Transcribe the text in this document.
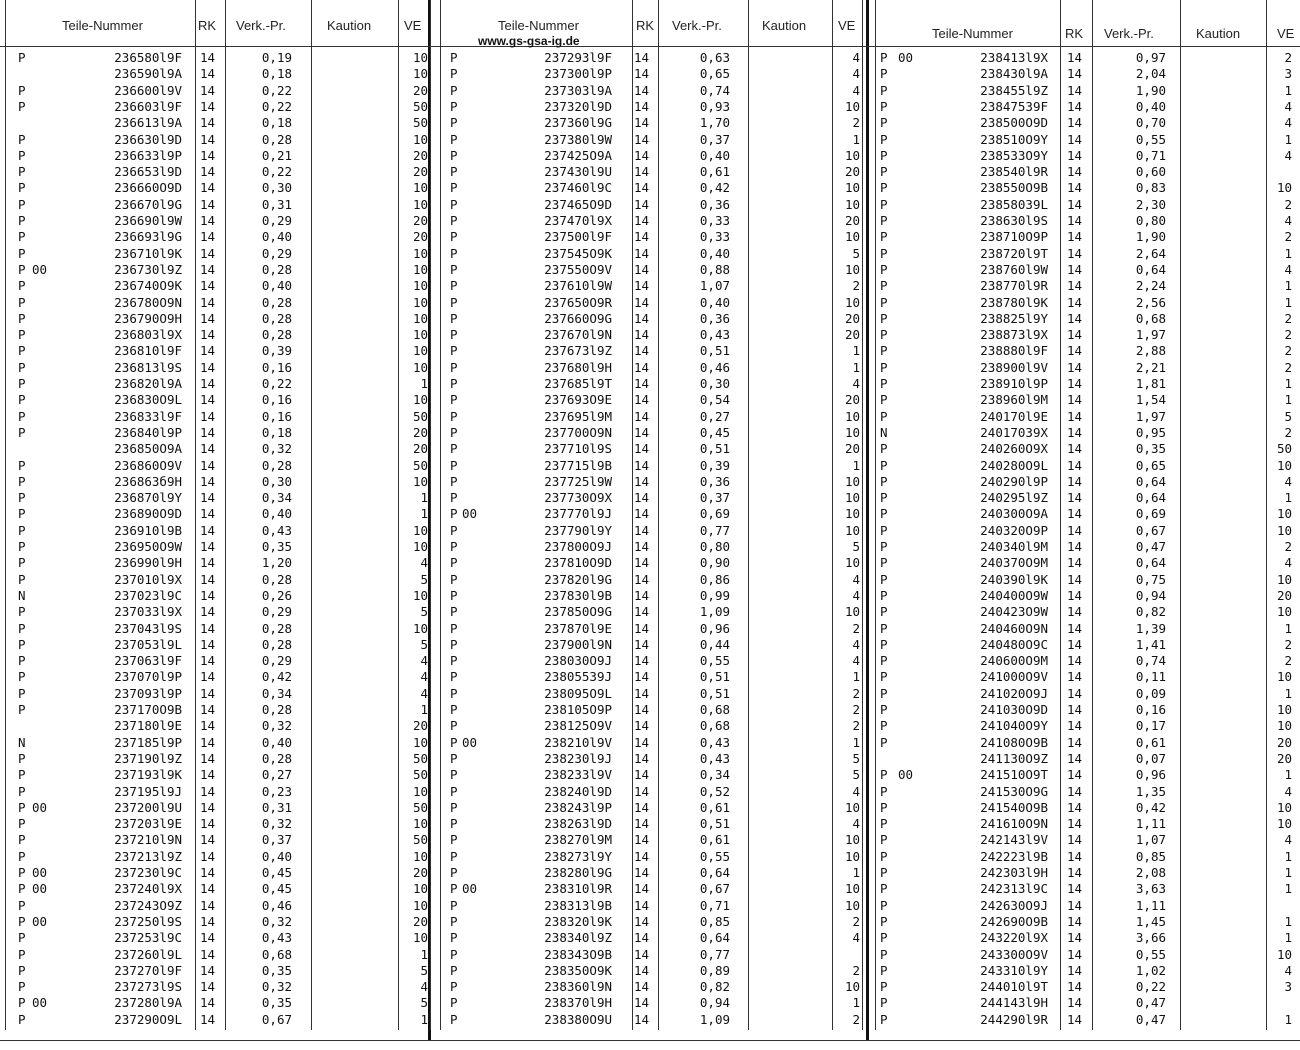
Teile-Nummer	RK Verk.-Pr.	Kaution	VE
P	236580l9F 14	0,19	10
236590l9A 14	0,18	10
P	236600l9V 14	0,22	20
P	236603l9F 14	0,22	50
236613l9A 14	0,18	50
P	236630l9D 14	0,28	10
P	236633l9P 14	0,21	20
P	236653l9D 14	0,22	20
P	236660O9D 14	0,30	10
P	236670l9G 14	0,31	10
P	236690l9W 14	0,29	20
P	236693l9G 14	0,40	20
P	236710l9K 14	0,29	10
P 00	236730l9Z 14	0,28	10
P	236740O9K 14	0,40	10
P	236780O9N 14	0,28	10
P	236790O9H 14	0,28	10
P	236803l9X 14	0,28	10
P	236810l9F 14	0,39	10
P	236813l9S 14	0,16	10
P	236820l9A 14	0,22	1
P	236830O9L 14	0,16	10
P	236833l9F 14	0,16	50
P	236840l9P 14	0,18	20
236850O9A 14	0,32	20
P	236860O9V 14	0,28	50
P	236863б9H 14	0,30	10
P	236870l9Y 14	0,34	1
P	236890O9D 14	0,40	1
P	236910l9B 14	0,43	10
P	236950O9W 14	0,35	10
P	236990l9H 14	1,20	4
P	237010l9X 14	0,28	5
N	237023l9C 14	0,26	10
P	237033l9X 14	0,29	5
P	237043l9S 14	0,28	10
P	237053l9L 14	0,28	5
P	237063l9F 14	0,29	4
P	237070l9P 14	0,42	4
P	237093l9P 14	0,34	4
P	237170O9B 14	0,28	1
237180l9E 14	0,32	20
N	237185l9P 14	0,40	10
P	237190l9Z 14	0,28	50
P	237193l9K 14	0,27	50
P	237195l9J 14	0,23	10
P 00	237200l9U 14	0,31	50
P	237203l9E 14	0,32	10
P	237210l9N 14	0,37	50
P	237213l9Z 14	0,40	10
P 00	237230l9C 14	0,45	20
P 00	237240l9X 14	0,45	10
P	237243O9Z 14	0,46	10
P 00	237250l9S 14	0,32	20
P	237253l9C 14	0,43	10
P	237260l9L 14	0,68	1
P	237270l9F 14	0,35	5
P	237273l9S 14	0,32	4
P 00	237280l9A 14	0,35	5
P	237290O9L 14	0,67	1
Teile-Nummer	RK Verk.-Pr.	Kaution VE
www.gs-gsa-ig.de
P	237293l9F 14	0,63	4
P	237300l9P 14	0,65	4
P	237303l9A 14	0,74	4
P	237320l9D 14	0,93	10
P	237360l9G 14	1,70	2
P	237380l9W 14	0,37	1
P	237425O9A 14	0,40	10
P	237430l9U 14	0,61	20
P	237460l9C 14	0,42	10
P	237465O9D 14	0,36	10
P	237470l9X 14	0,33	20
P	237500l9F 14	0,33	10
P	237545O9K 14	0,40	5
P	237550O9V 14	0,88	10
P	237610l9W 14	1,07	2
P	237650O9R 14	0,40	10
P	237660O9G 14	0,36	20
P	237670l9N 14	0,43	20
P	237673l9Z 14	0,51	1
P	237680l9H 14	0,46	1
P	237685l9T 14	0,30	4
P	237693O9E 14	0,54	20
P	237695l9M 14	0,27	10
P	237700O9N 14	0,45	10
P	237710l9S 14	0,51	20
P	237715l9B 14	0,39	1
P	237725l9W 14	0,36	10
P	237730O9X 14	0,37	10
P 00	237770l9J 14	0,69	10
P	237790l9Y 14	0,77	10
P	237800O9J 14	0,80	5
P	237810O9D 14	0,90	10
P	237820l9G 14	0,86	4
P	237830l9B 14	0,99	4
P	237850O9G 14	1,09	10
P	237870l9E 14	0,96	2
P	237900l9N 14	0,44	4
P	238030O9J 14	0,55	4
P	238055З9J 14	0,51	1
P	238095O9L 14	0,51	2
P	238105O9P 14	0,68	2
P	238125O9V 14	0,68	2
P 00	238210l9V 14	0,43	1
P	238230l9J 14	0,43	5
P	238233l9V 14	0,34	5
P	238240l9D 14	0,52	4
P	238243l9P 14	0,61	10
P	238263l9D 14	0,51	4
P	238270l9M 14	0,61	10
P	238273l9Y 14	0,55	10
P	238280l9G 14	0,64	1
P 00	238310l9R 14	0,67	10
P	238313l9B 14	0,71	10
P	238320l9K 14	0,85	2
P	238340l9Z 14	0,64	4
P	238343O9B 14	0,77
P	238350O9K 14	0,89	2
P	238360l9N 14	0,82	10
P	238370l9H 14	0,94	1
P	238380O9U 14	1,09	2
Teile-Nummer	RK Verk.-Pr.	Kaution	VE
P 00	238413l9X 14	0,97	2
P	238430l9A 14	2,04	3
P	238455l9Z 14	1,90	1
P	238475З9F 14	0,40	4
P	238500O9D 14	0,70	4
P	238510O9Y 14	0,55	1
P	238533O9Y 14	0,71	4
P	238540l9R 14	0,60
P	238550O9B 14	0,83	10
P	238580З9L 14	2,30	2
P	238630l9S 14	0,80	4
P	238710O9P 14	1,90	2
P	238720l9T 14	2,64	1
P	238760l9W 14	0,64	4
P	238770l9R 14	2,24	1
P	238780l9K 14	2,56	1
P	238825l9Y 14	0,68	2
P	238873l9X 14	1,97	2
P	238880l9F 14	2,88	2
P	238900l9V 14	2,21	2
P	238910l9P 14	1,81	1
P	238960l9M 14	1,54	1
P	240170l9E 14	1,97	5
N	240170З9X 14	0,95	2
P	240260O9X 14	0,35	50
P	240280O9L 14	0,65	10
P	240290l9P 14	0,64	4
P	240295l9Z 14	0,64	1
P	240300O9A 14	0,69	10
P	240320O9P 14	0,67	10
P	240340l9M 14	0,47	2
P	240370O9M 14	0,64	4
P	240390l9K 14	0,75	10
P	240400O9W 14	0,94	20
P	240423O9W 14	0,82	10
P	240460O9N 14	1,39	1
P	240480O9C 14	1,41	2
P	240600O9M 14	0,74	2
P	241000O9V 14	0,11	10
P	241020O9J 14	0,09	1
P	241030O9D 14	0,16	10
P	241040O9Y 14	0,17	10
P	241080O9B 14	0,61	20
241130O9Z 14	0,07	20
P 00	241510O9T 14	0,96	1
P	241530O9G 14	1,35	4
P	241540O9B 14	0,42	10
P	241610O9N 14	1,11	10
P	242143l9V 14	1,07	4
P	242223l9B 14	0,85	1
P	242303l9H 14	2,08	1
P	242313l9C 14	3,63	1
P	242630O9J 14	1,11
P	242690O9B 14	1,45	1
P	243220l9X 14	3,66	1
P	243300O9V 14	0,55	10
P	243310l9Y 14	1,02	4
P	244010l9T 14	0,22	3
P	244143l9H 14	0,47
P	244290l9R 14	0,47	1
